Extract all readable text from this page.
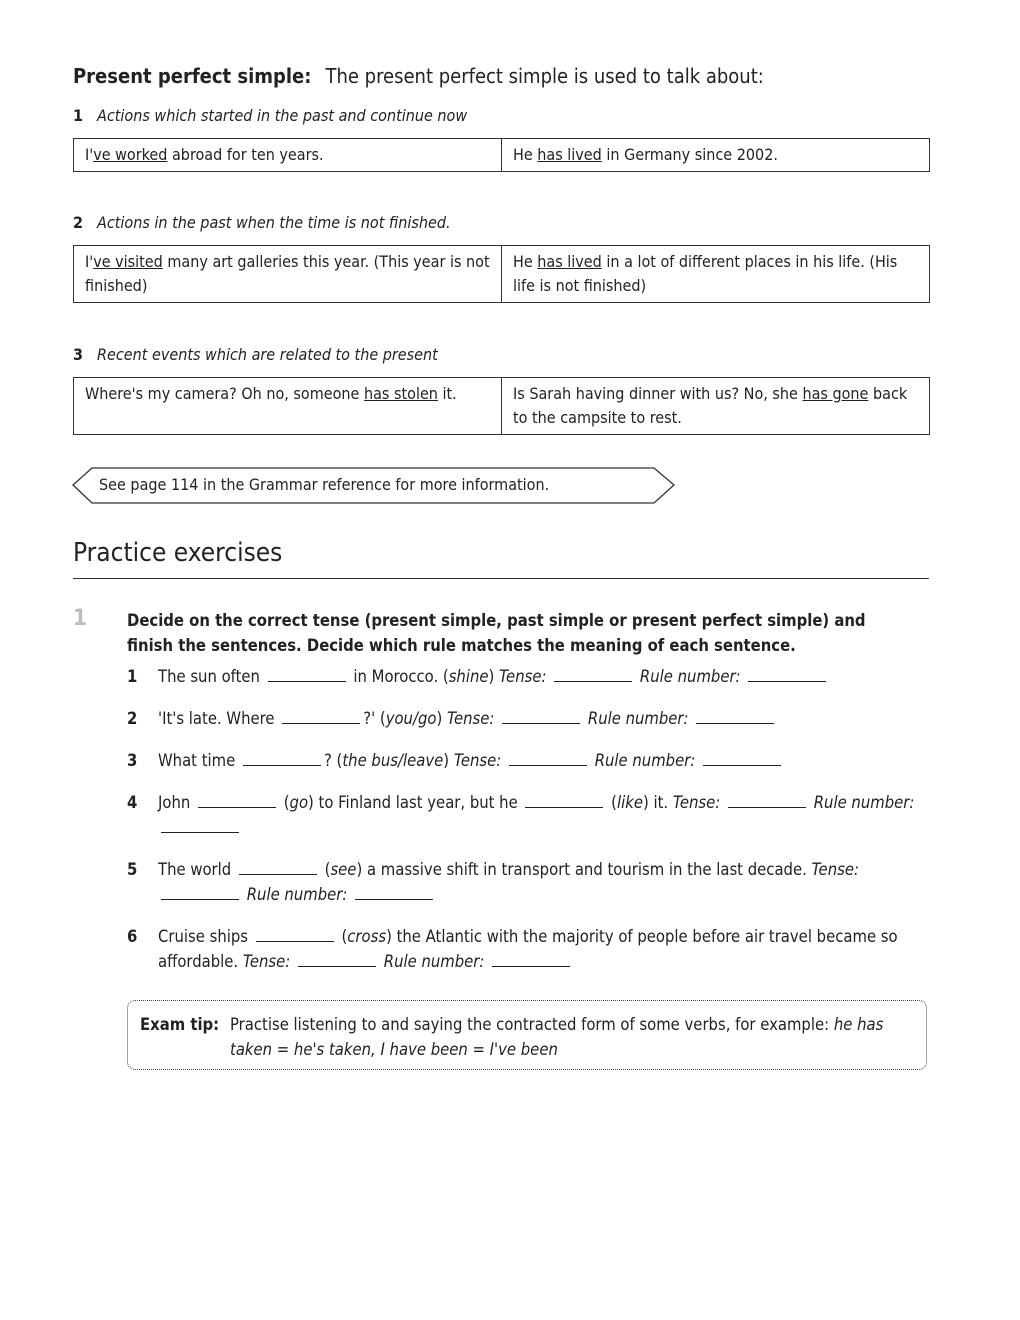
Present perfect simple: The present perfect simple is used to talk about:
1 Actions which started in the past and continue now
I've worked abroad for ten years.	He has lived in Germany since 2002.
2 Actions in the past when the time is not finished.
I've visited many art galleries this year. (This year is not finished)	He has lived in a lot of different places in his life. (His life is not finished)
3 Recent events which are related to the present
Where's my camera? Oh no, someone has stolen it.	Is Sarah having dinner with us? No, she has gone back to the campsite to rest.
See page 114 in the Grammar reference for more information.
Practice exercises
1 Decide on the correct tense (present simple, past simple or present perfect simple) and finish the sentences. Decide which rule matches the meaning of each sentence.
1	The sun often	in Morocco. (shine) Tense:	Rule number:
2	'It's late. Where	?' (you/go) Tense:	Rule number:
3	What time	? (the bus/leave) Tense:	Rule number:
4	John	(go) to Finland last year, but he	(like) it. Tense:	Rule number:
5	The world	(see) a massive shift in transport and tourism in the last decade. Tense:  Rule number:
6	Cruise ships	(cross) the Atlantic with the majority of people before air travel became so affordable. Tense:	Rule number:
Exam tip: Practise listening to and saying the contracted form of some verbs, for example: he has taken = he's taken, I have been = I've been
